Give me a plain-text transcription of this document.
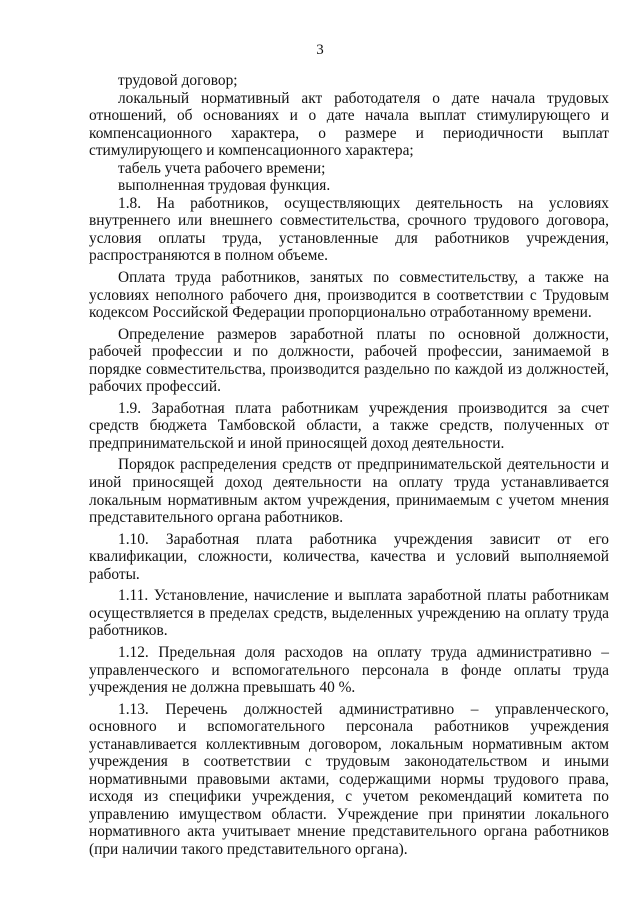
3

трудовой договор;

локальный нормативный акт работодателя о дате начала трудовых отношений, об основаниях и о дате начала выплат стимулирующего и компенсационного характера, о размере и периодичности выплат стимулирующего и компенсационного характера;

табель учета рабочего времени;

выполненная трудовая функция.

1.8. На работников, осуществляющих деятельность на условиях внутреннего или внешнего совместительства, срочного трудового договора, условия оплаты труда, установленные для работников учреждения, распространяются в полном объеме.

Оплата труда работников, занятых по совместительству, а также на условиях неполного рабочего дня, производится в соответствии с Трудовым кодексом Российской Федерации пропорционально отработанному времени.

Определение размеров заработной платы по основной должности, рабочей профессии и по должности, рабочей профессии, занимаемой в порядке совместительства, производится раздельно по каждой из должностей, рабочих профессий.

1.9. Заработная плата работникам учреждения производится за счет средств бюджета Тамбовской области, а также средств, полученных от предпринимательской и иной приносящей доход деятельности.

Порядок распределения средств от предпринимательской деятельности и иной приносящей доход деятельности на оплату труда устанавливается локальным нормативным актом учреждения, принимаемым с учетом мнения представительного органа работников.

1.10. Заработная плата работника учреждения зависит от его квалификации, сложности, количества, качества и условий выполняемой работы.

1.11. Установление, начисление и выплата заработной платы работникам осуществляется в пределах средств, выделенных учреждению на оплату труда работников.

1.12. Предельная доля расходов на оплату труда административно – управленческого и вспомогательного персонала в фонде оплаты труда учреждения не должна превышать 40 %.

1.13. Перечень должностей административно – управленческого, основного и вспомогательного персонала работников учреждения устанавливается коллективным договором, локальным нормативным актом учреждения в соответствии с трудовым законодательством и иными нормативными правовыми актами, содержащими нормы трудового права, исходя из специфики учреждения, с учетом рекомендаций комитета по управлению имуществом области. Учреждение при принятии локального нормативного акта учитывает мнение представительного органа работников (при наличии такого представительного органа).
